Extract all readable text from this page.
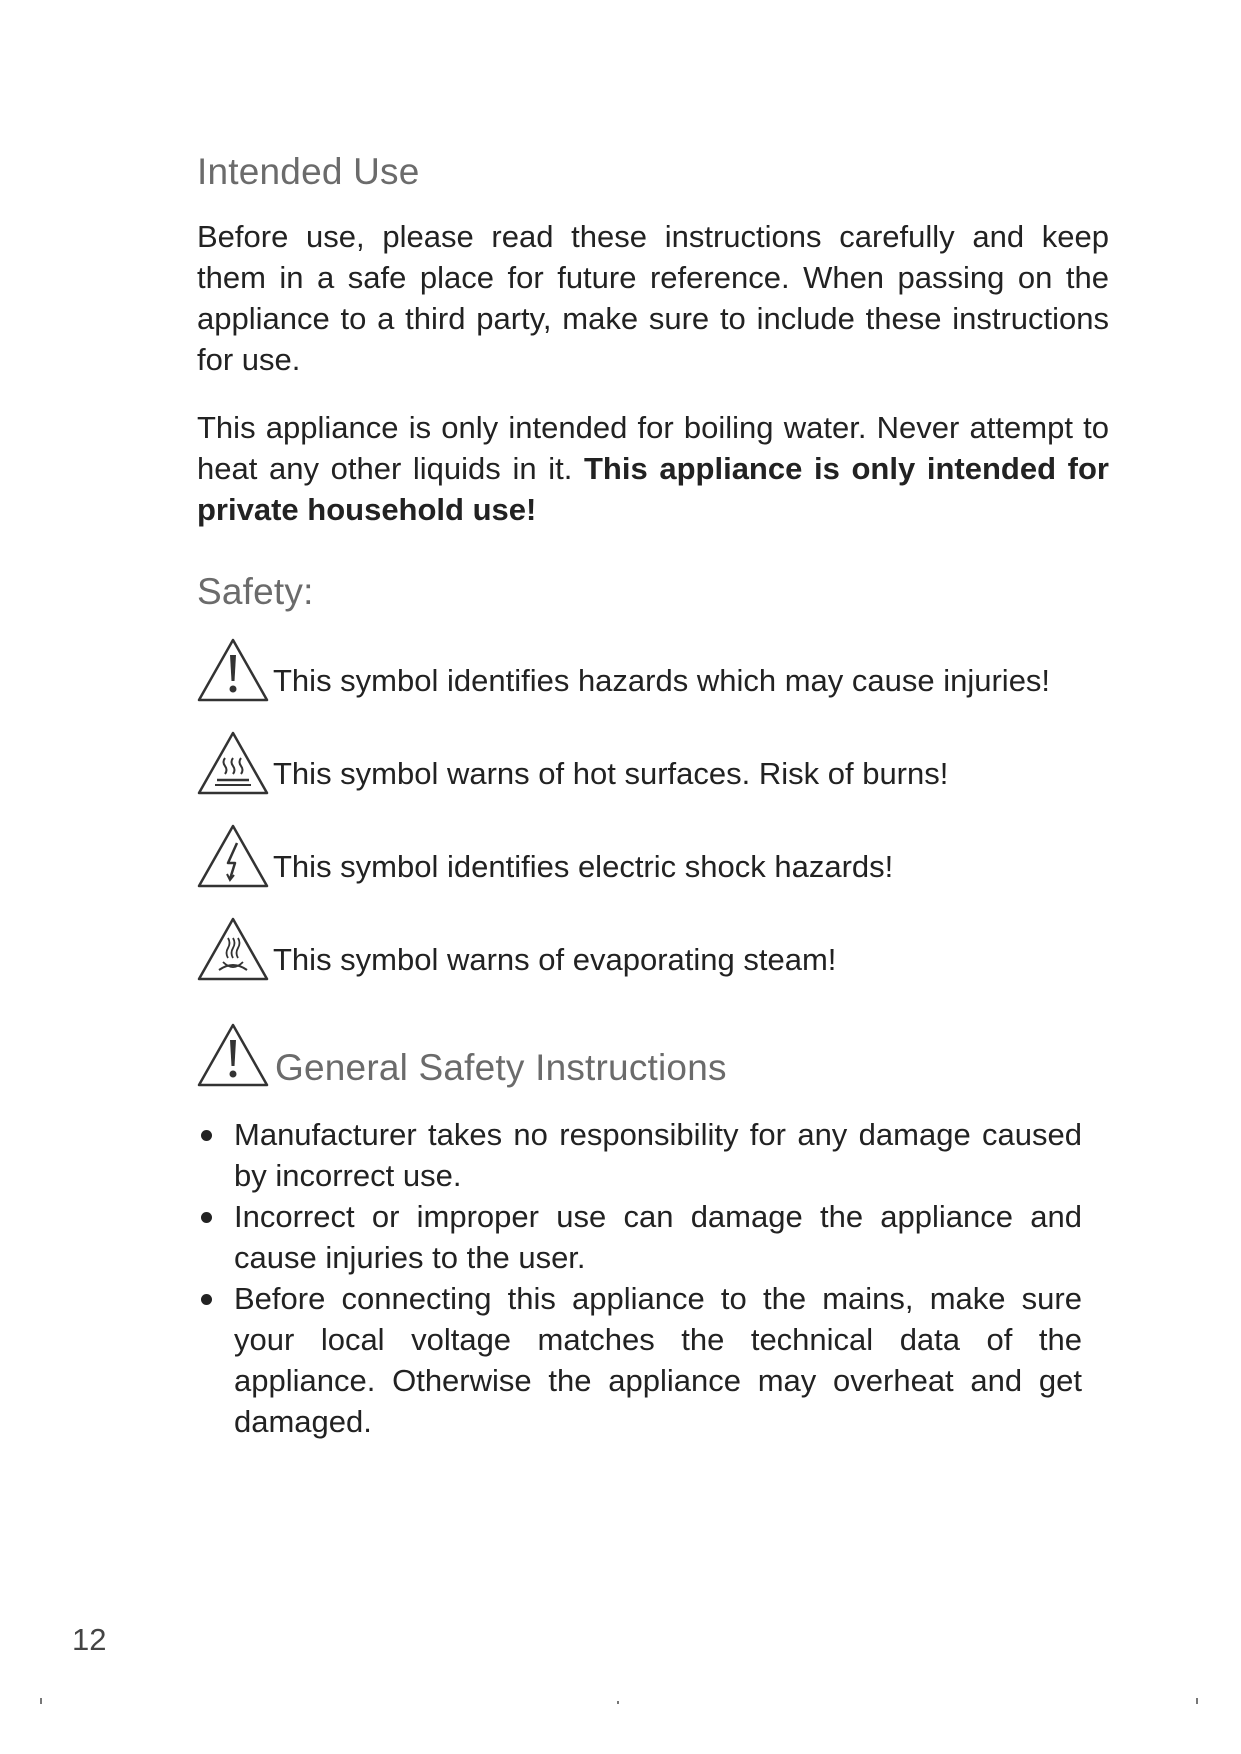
Intended Use

Before use, please read these instructions carefully and keep them in a safe place for future reference. When passing on the appliance to a third party, make sure to include these instructions for use.

This appliance is only intended for boiling water. Never attempt to heat any other liquids in it. This appliance is only intended for private household use!

Safety:
This symbol identifies hazards which may cause injuries!
This symbol warns of hot surfaces. Risk of burns!
This symbol identifies electric shock hazards!
This symbol warns of evaporating steam!
General Safety Instructions
Manufacturer takes no responsibility for any damage caused by incorrect use.
Incorrect or improper use can damage the appliance and cause injuries to the user.
Before connecting this appliance to the mains, make sure your local voltage matches the technical data of the appliance. Otherwise the appliance may overheat and get damaged.
12
